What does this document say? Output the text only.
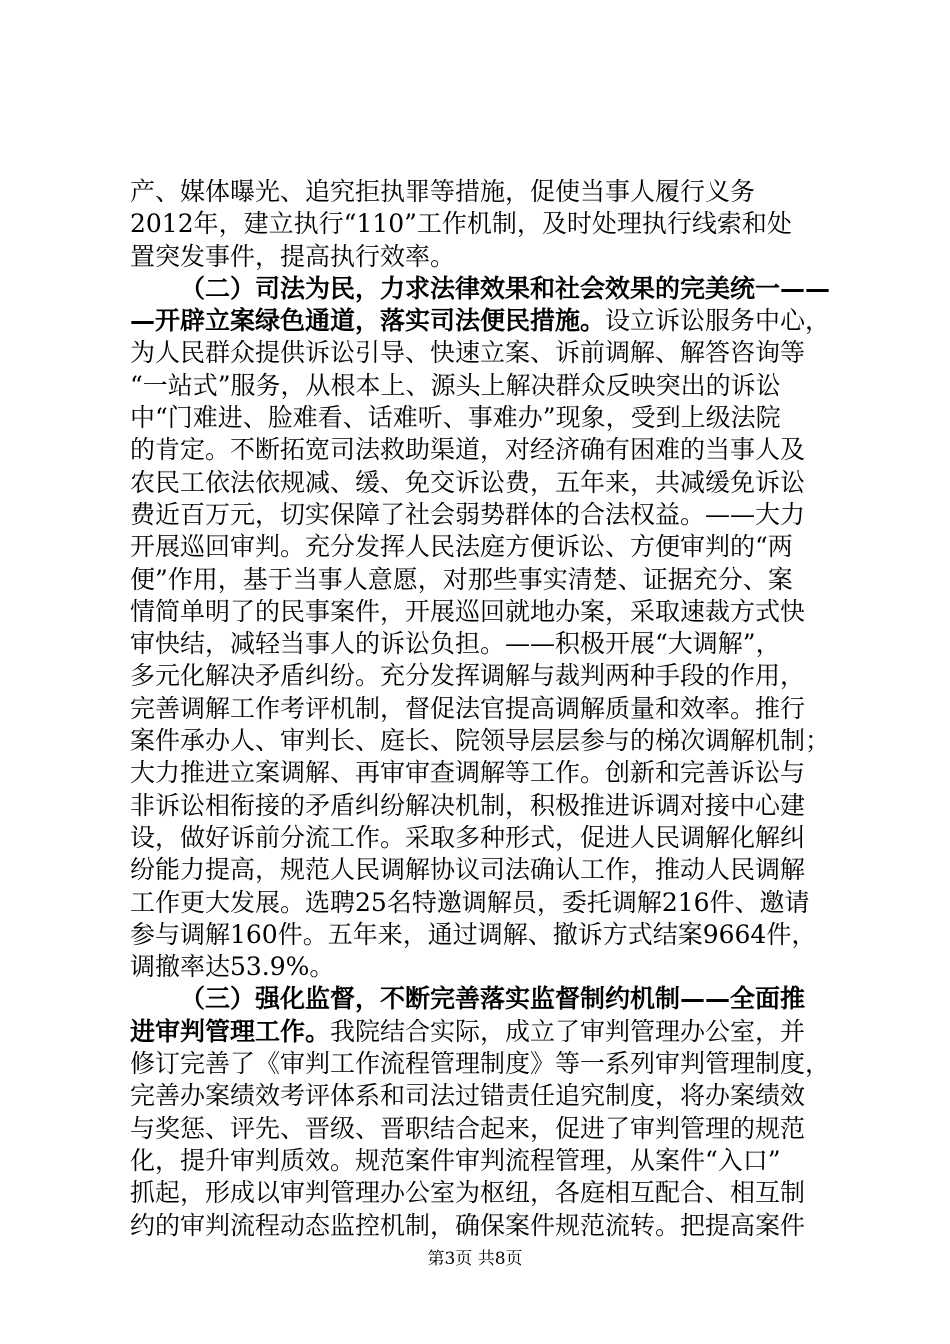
产、媒体曝光、追究拒执罪等措施，促使当事人履行义务
2012年，建立执行“110”工作机制，及时处理执行线索和处
置突发事件，提高执行效率。
（二）司法为民，力求法律效果和社会效果的完美统一——
—开辟立案绿色通道，落实司法便民措施。设立诉讼服务中心，
为人民群众提供诉讼引导、快速立案、诉前调解、解答咨询等
“一站式”服务，从根本上、源头上解决群众反映突出的诉讼
中“门难进、脸难看、话难听、事难办”现象，受到上级法院
的肯定。不断拓宽司法救助渠道，对经济确有困难的当事人及
农民工依法依规减、缓、免交诉讼费，五年来，共减缓免诉讼
费近百万元，切实保障了社会弱势群体的合法权益。——大力
开展巡回审判。充分发挥人民法庭方便诉讼、方便审判的“两
便”作用，基于当事人意愿，对那些事实清楚、证据充分、案
情简单明了的民事案件，开展巡回就地办案，采取速裁方式快
审快结，减轻当事人的诉讼负担。——积极开展“大调解”，
多元化解决矛盾纠纷。充分发挥调解与裁判两种手段的作用，
完善调解工作考评机制，督促法官提高调解质量和效率。推行
案件承办人、审判长、庭长、院领导层层参与的梯次调解机制；
大力推进立案调解、再审审查调解等工作。创新和完善诉讼与
非诉讼相衔接的矛盾纠纷解决机制，积极推进诉调对接中心建
设，做好诉前分流工作。采取多种形式，促进人民调解化解纠
纷能力提高，规范人民调解协议司法确认工作，推动人民调解
工作更大发展。选聘25名特邀调解员，委托调解216件、邀请
参与调解160件。五年来，通过调解、撤诉方式结案9664件，
调撤率达53.9%。
（三）强化监督，不断完善落实监督制约机制——全面推
进审判管理工作。我院结合实际，成立了审判管理办公室，并
修订完善了《审判工作流程管理制度》等一系列审判管理制度，
完善办案绩效考评体系和司法过错责任追究制度，将办案绩效
与奖惩、评先、晋级、晋职结合起来，促进了审判管理的规范
化，提升审判质效。规范案件审判流程管理，从案件“入口”
抓起，形成以审判管理办公室为枢纽，各庭相互配合、相互制
约的审判流程动态监控机制，确保案件规范流转。把提高案件
第3页 共8页
